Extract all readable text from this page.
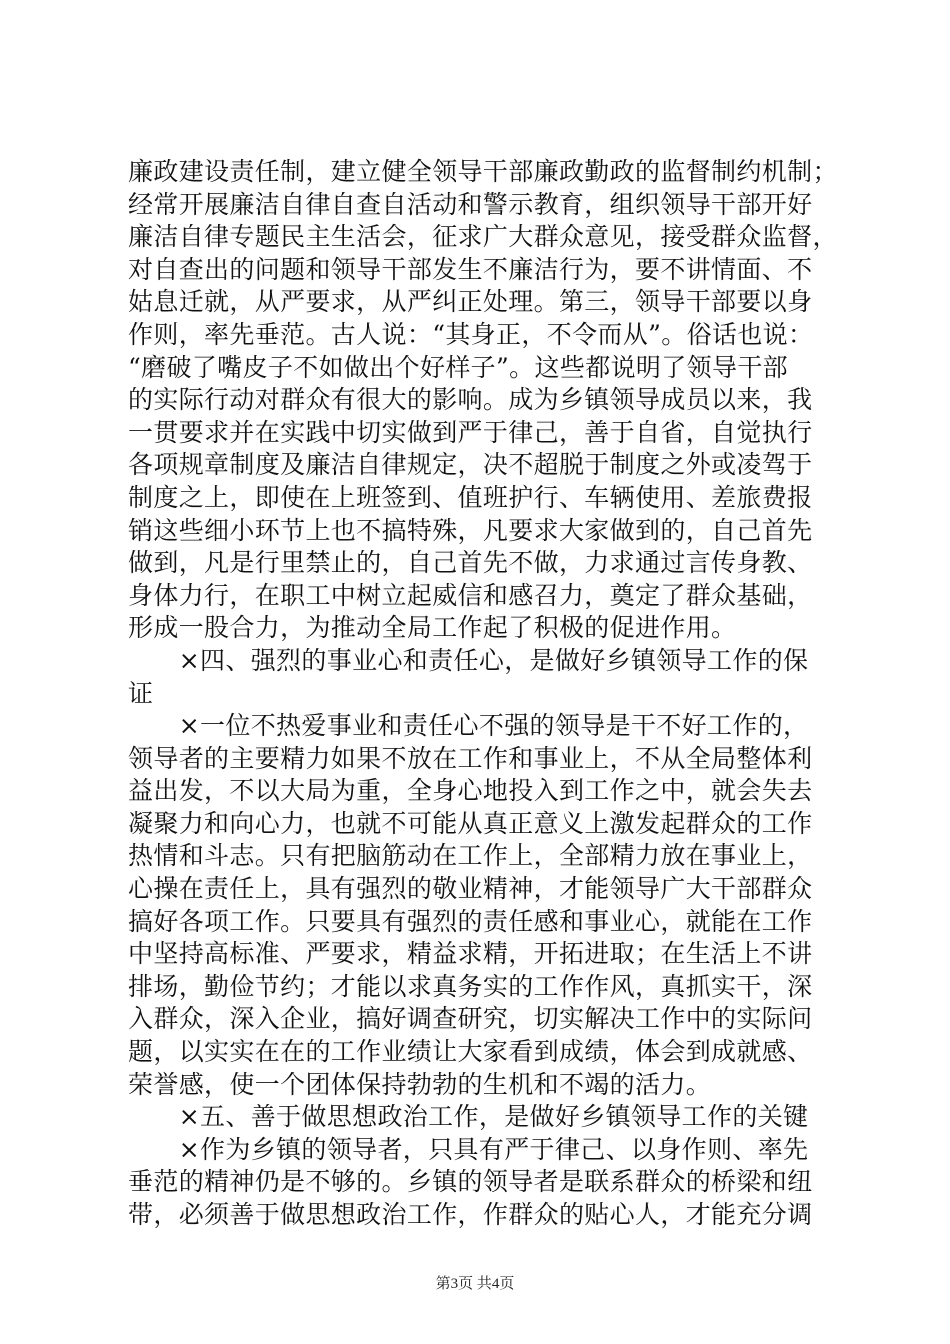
廉政建设责任制，建立健全领导干部廉政勤政的监督制约机制；
经常开展廉洁自律自查自活动和警示教育，组织领导干部开好
廉洁自律专题民主生活会，征求广大群众意见，接受群众监督，
对自查出的问题和领导干部发生不廉洁行为，要不讲情面、不
姑息迁就，从严要求，从严纠正处理。第三，领导干部要以身
作则，率先垂范。古人说：“其身正，不令而从”。俗话也说：
“磨破了嘴皮子不如做出个好样子”。这些都说明了领导干部
的实际行动对群众有很大的影响。成为乡镇领导成员以来，我
一贯要求并在实践中切实做到严于律己，善于自省，自觉执行
各项规章制度及廉洁自律规定，决不超脱于制度之外或凌驾于
制度之上，即使在上班签到、值班护行、车辆使用、差旅费报
销这些细小环节上也不搞特殊，凡要求大家做到的，自己首先
做到，凡是行里禁止的，自己首先不做，力求通过言传身教、
身体力行，在职工中树立起威信和感召力，奠定了群众基础，
形成一股合力，为推动全局工作起了积极的促进作用。
　　×四、强烈的事业心和责任心，是做好乡镇领导工作的保
证
　　×一位不热爱事业和责任心不强的领导是干不好工作的，
领导者的主要精力如果不放在工作和事业上，不从全局整体利
益出发，不以大局为重，全身心地投入到工作之中，就会失去
凝聚力和向心力，也就不可能从真正意义上激发起群众的工作
热情和斗志。只有把脑筋动在工作上，全部精力放在事业上，
心操在责任上，具有强烈的敬业精神，才能领导广大干部群众
搞好各项工作。只要具有强烈的责任感和事业心，就能在工作
中坚持高标准、严要求，精益求精，开拓进取；在生活上不讲
排场，勤俭节约；才能以求真务实的工作作风，真抓实干，深
入群众，深入企业，搞好调查研究，切实解决工作中的实际问
题，以实实在在的工作业绩让大家看到成绩，体会到成就感、
荣誉感，使一个团体保持勃勃的生机和不竭的活力。
　　×五、善于做思想政治工作，是做好乡镇领导工作的关键
　　×作为乡镇的领导者，只具有严于律己、以身作则、率先
垂范的精神仍是不够的。乡镇的领导者是联系群众的桥梁和纽
带，必须善于做思想政治工作，作群众的贴心人，才能充分调
第3页 共4页
